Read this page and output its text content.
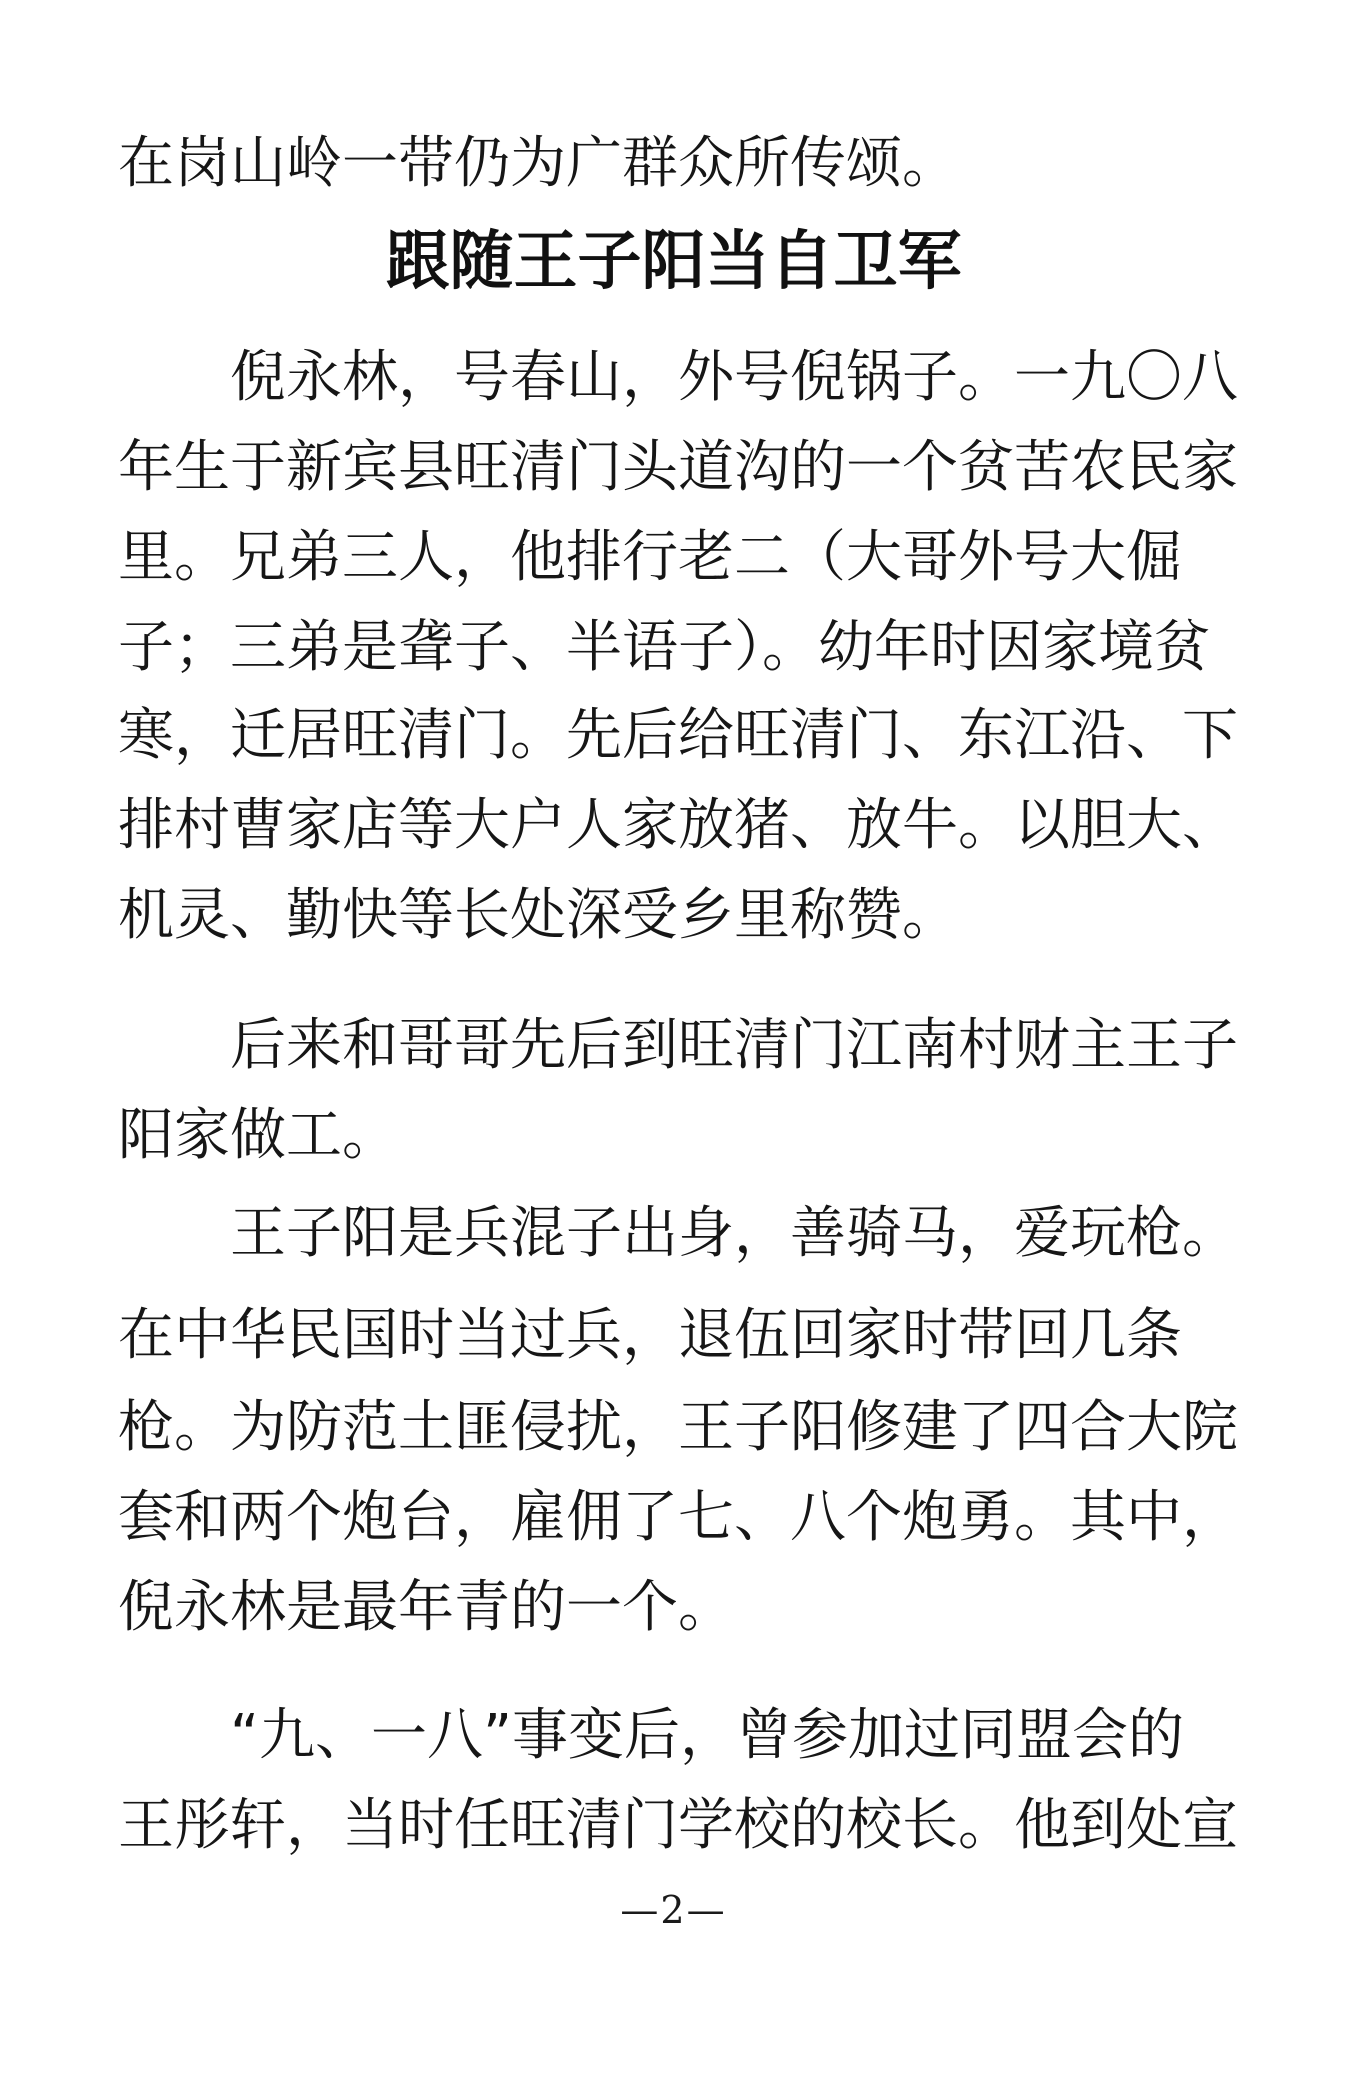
在岗山岭一带仍为广群众所传颂。
跟随王子阳当自卫军
　　倪永林，号春山，外号倪锅子。一九〇八
年生于新宾县旺清门头道沟的一个贫苦农民家
里。兄弟三人，他排行老二（大哥外号大倔
子；三弟是聋子、半语子）。幼年时因家境贫
寒，迁居旺清门。先后给旺清门、东江沿、下
排村曹家店等大户人家放猪、放牛。以胆大、
机灵、勤快等长处深受乡里称赞。
　　后来和哥哥先后到旺清门江南村财主王子
阳家做工。
　　王子阳是兵混子出身，善骑马，爱玩枪。
在中华民国时当过兵，退伍回家时带回几条
枪。为防范土匪侵扰，王子阳修建了四合大院
套和两个炮台，雇佣了七、八个炮勇。其中，
倪永林是最年青的一个。
　　“九、一八”事变后，曾参加过同盟会的
王彤轩，当时任旺清门学校的校长。他到处宣
—2—
